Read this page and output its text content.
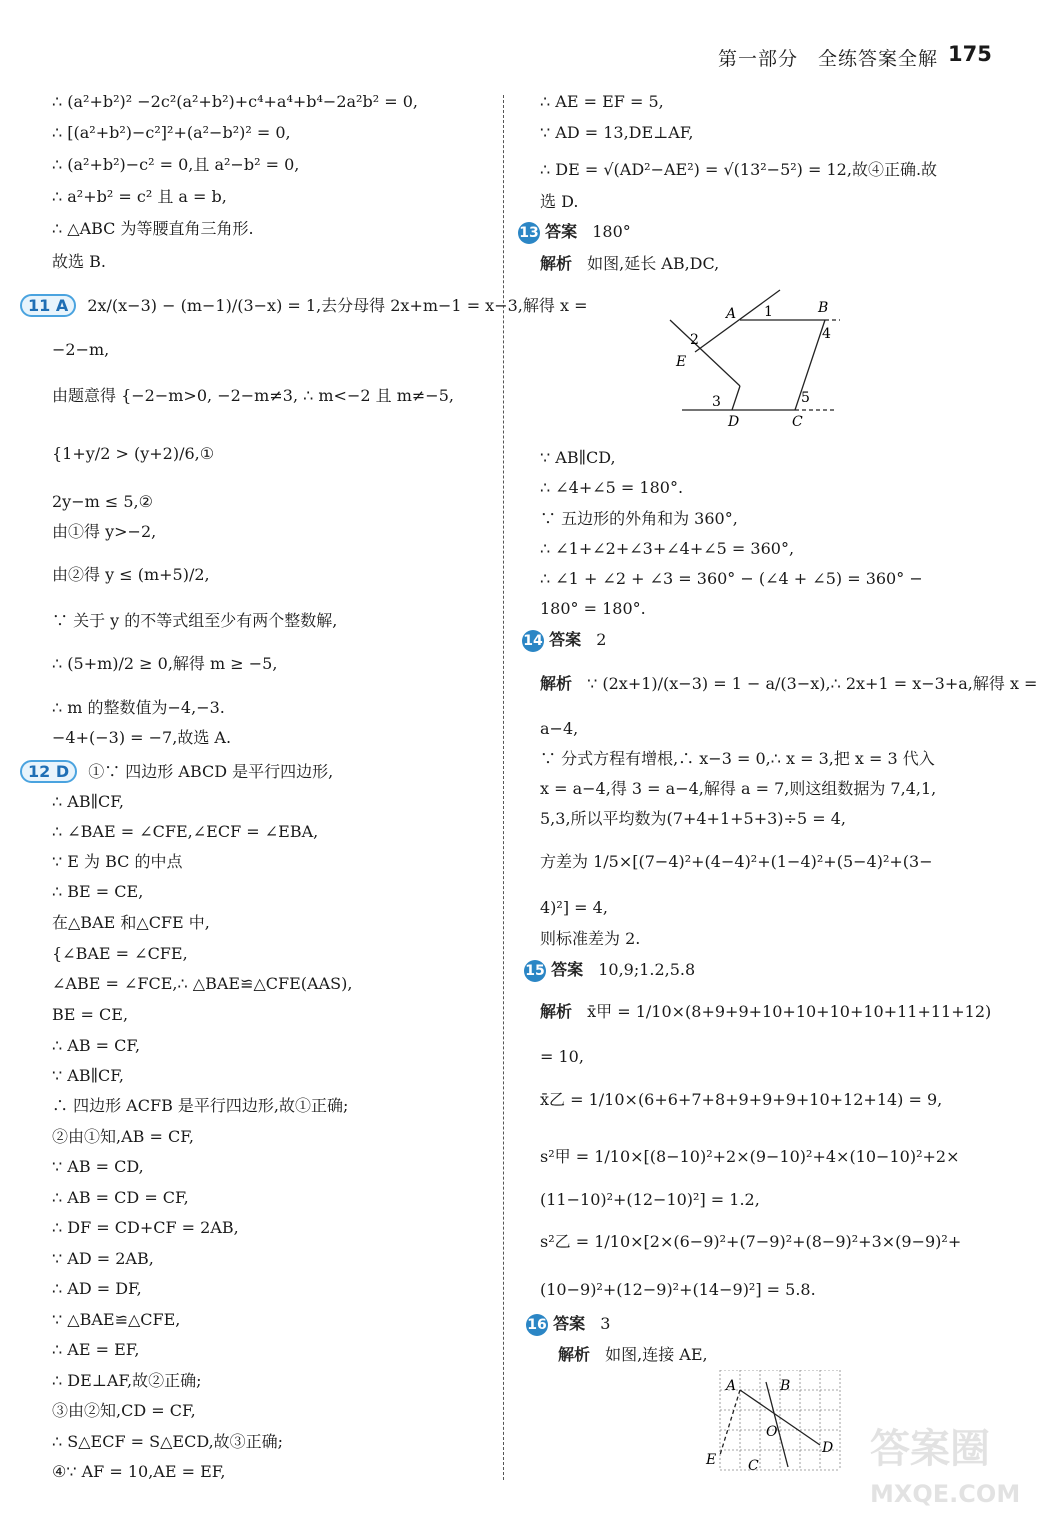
第一部分　全练答案全解 175
∴ (a²+b²)² −2c²(a²+b²)+c⁴+a⁴+b⁴−2a²b² = 0,
∴ [(a²+b²)−c²]²+(a²−b²)² = 0,
∴ (a²+b²)−c² = 0,且 a²−b² = 0,
∴ a²+b² = c² 且 a = b,
∴ △ABC 为等腰直角三角形.
故选 B.
11 A 2x/(x−3) − (m−1)/(3−x) = 1,去分母得 2x+m−1 = x−3,解得 x =
−2−m,
由题意得 {−2−m>0, −2−m≠3, ∴ m<−2 且 m≠−5,
{1+y/2 > (y+2)/6,①
2y−m ≤ 5,②
由①得 y>−2,
由②得 y ≤ (m+5)/2,
∵ 关于 y 的不等式组至少有两个整数解,
∴ (5+m)/2 ≥ 0,解得 m ≥ −5,
∴ m 的整数值为−4,−3.
−4+(−3) = −7,故选 A.
12 D ①∵ 四边形 ABCD 是平行四边形,
∴ AB∥CF,
∴ ∠BAE = ∠CFE,∠ECF = ∠EBA,
∵ E 为 BC 的中点
∴ BE = CE,
在△BAE 和△CFE 中,
{∠BAE = ∠CFE,
∠ABE = ∠FCE,∴ △BAE≌△CFE(AAS),
BE = CE,
∴ AB = CF,
∵ AB∥CF,
∴ 四边形 ACFB 是平行四边形,故①正确;
②由①知,AB = CF,
∵ AB = CD,
∴ AB = CD = CF,
∴ DF = CD+CF = 2AB,
∵ AD = 2AB,
∴ AD = DF,
∵ △BAE≌△CFE,
∴ AE = EF,
∴ DE⊥AF,故②正确;
③由②知,CD = CF,
∴ S△ECF = S△ECD,故③正确;
④∵ AF = 10,AE = EF,
∴ AE = EF = 5,
∵ AD = 13,DE⊥AF,
∴ DE = √(AD²−AE²) = √(13²−5²) = 12,故④正确.故
选 D.
13 答案 180°
解析 如图,延长 AB,DC,
∵ AB∥CD,
∴ ∠4+∠5 = 180°.
∵ 五边形的外角和为 360°,
∴ ∠1+∠2+∠3+∠4+∠5 = 360°,
∴ ∠1 + ∠2 + ∠3 = 360° − (∠4 + ∠5) = 360° −
180° = 180°.
14 答案 2
解析 ∵ (2x+1)/(x−3) = 1 − a/(3−x),∴ 2x+1 = x−3+a,解得 x =
a−4,
∵ 分式方程有增根,∴ x−3 = 0,∴ x = 3,把 x = 3 代入
x = a−4,得 3 = a−4,解得 a = 7,则这组数据为 7,4,1,
5,3,所以平均数为(7+4+1+5+3)÷5 = 4,
方差为 1/5×[(7−4)²+(4−4)²+(1−4)²+(5−4)²+(3−
4)²] = 4,
则标准差为 2.
15 答案 10,9;1.2,5.8
解析 x̄甲 = 1/10×(8+9+9+10+10+10+10+11+11+12)
= 10,
x̄乙 = 1/10×(6+6+7+8+9+9+9+10+12+14) = 9,
s²甲 = 1/10×[(8−10)²+2×(9−10)²+4×(10−10)²+2×
(11−10)²+(12−10)²] = 1.2,
s²乙 = 1/10×[2×(6−9)²+(7−9)²+(8−9)²+3×(9−9)²+
(10−9)²+(12−9)²+(14−9)²] = 5.8.
16 答案 3
解析 如图,连接 AE,
A	B
1
2	4
E
3
D	C
5
A	B
O
D
E C	答案圈
MXQE.COM
